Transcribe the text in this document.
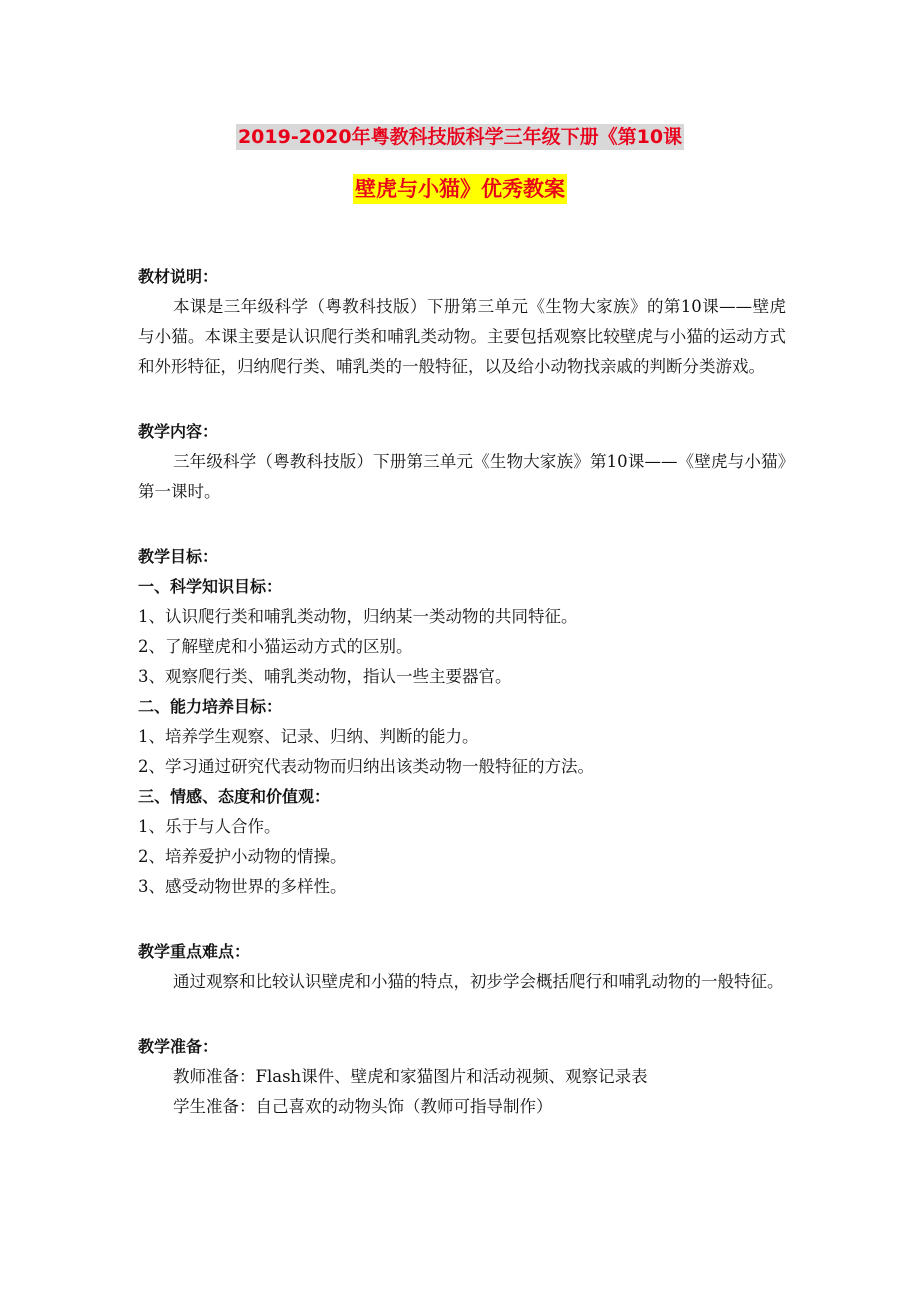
2019-2020年粤教科技版科学三年级下册《第10课
壁虎与小猫》优秀教案
教材说明：

本课是三年级科学（粤教科技版）下册第三单元《生物大家族》的第10课——壁虎与小猫。本课主要是认识爬行类和哺乳类动物。主要包括观察比较壁虎与小猫的运动方式和外形特征，归纳爬行类、哺乳类的一般特征，以及给小动物找亲戚的判断分类游戏。

教学内容：

三年级科学（粤教科技版）下册第三单元《生物大家族》第10课——《壁虎与小猫》第一课时。

教学目标：
一、科学知识目标：
1、认识爬行类和哺乳类动物，归纳某一类动物的共同特征。
2、了解壁虎和小猫运动方式的区别。
3、观察爬行类、哺乳类动物，指认一些主要器官。
二、能力培养目标：
1、培养学生观察、记录、归纳、判断的能力。
2、学习通过研究代表动物而归纳出该类动物一般特征的方法。
三、情感、态度和价值观：
1、乐于与人合作。
2、培养爱护小动物的情操。
3、感受动物世界的多样性。
教学重点难点：

通过观察和比较认识壁虎和小猫的特点，初步学会概括爬行和哺乳动物的一般特征。

教学准备：
教师准备：Flash课件、壁虎和家猫图片和活动视频、观察记录表
学生准备：自己喜欢的动物头饰（教师可指导制作）
